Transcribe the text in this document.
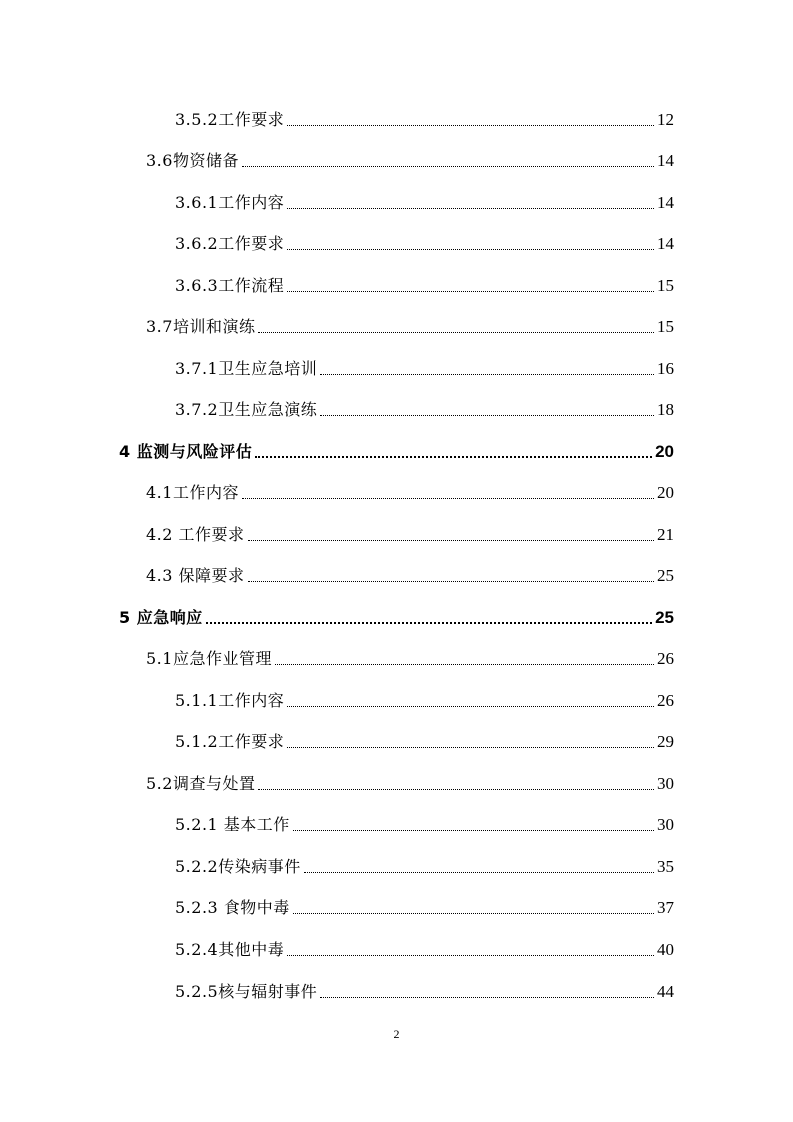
3.5.2工作要求	12
3.6物资储备	14
3.6.1工作内容	14
3.6.2工作要求	14
3.6.3工作流程	15
3.7培训和演练	15
3.7.1卫生应急培训	16
3.7.2卫生应急演练	18
4 监测与风险评估	20
4.1工作内容	20
4.2 工作要求	21
4.3 保障要求	25
5 应急响应	25
5.1应急作业管理	26
5.1.1工作内容	26
5.1.2工作要求	29
5.2调查与处置	30
5.2.1 基本工作	30
5.2.2传染病事件	35
5.2.3 食物中毒	37
5.2.4其他中毒	40
5.2.5核与辐射事件	44
2
